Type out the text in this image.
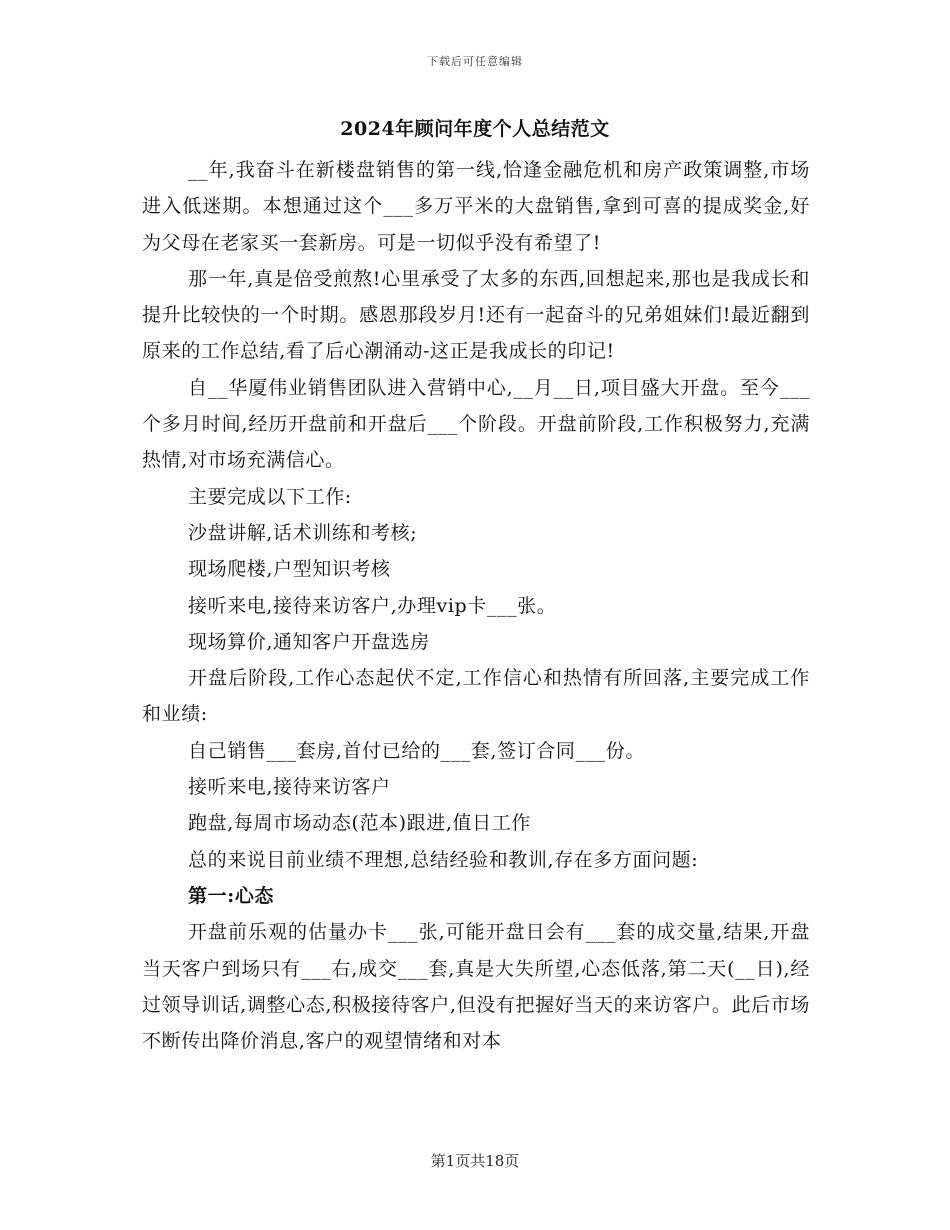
下载后可任意编辑
2024年顾问年度个人总结范文

__年,我奋斗在新楼盘销售的第一线,恰逢金融危机和房产政策调整,市场进入低迷期。本想通过这个___多万平米的大盘销售,拿到可喜的提成奖金,好为父母在老家买一套新房。可是一切似乎没有希望了!

那一年,真是倍受煎熬!心里承受了太多的东西,回想起来,那也是我成长和提升比较快的一个时期。感恩那段岁月!还有一起奋斗的兄弟姐妹们!最近翻到原来的工作总结,看了后心潮涌动-这正是我成长的印记!

自__华厦伟业销售团队进入营销中心,__月__日,项目盛大开盘。至今___个多月时间,经历开盘前和开盘后___个阶段。开盘前阶段,工作积极努力,充满热情,对市场充满信心。

主要完成以下工作:

沙盘讲解,话术训练和考核;

现场爬楼,户型知识考核

接听来电,接待来访客户,办理vip卡___张。

现场算价,通知客户开盘选房

开盘后阶段,工作心态起伏不定,工作信心和热情有所回落,主要完成工作和业绩:

自己销售___套房,首付已给的___套,签订合同___份。

接听来电,接待来访客户

跑盘,每周市场动态(范本)跟进,值日工作

总的来说目前业绩不理想,总结经验和教训,存在多方面问题:

第一:心态

开盘前乐观的估量办卡___张,可能开盘日会有___套的成交量,结果,开盘当天客户到场只有___右,成交___套,真是大失所望,心态低落,第二天(__日),经过领导训话,调整心态,积极接待客户,但没有把握好当天的来访客户。此后市场不断传出降价消息,客户的观望情绪和对本

第1页共18页
